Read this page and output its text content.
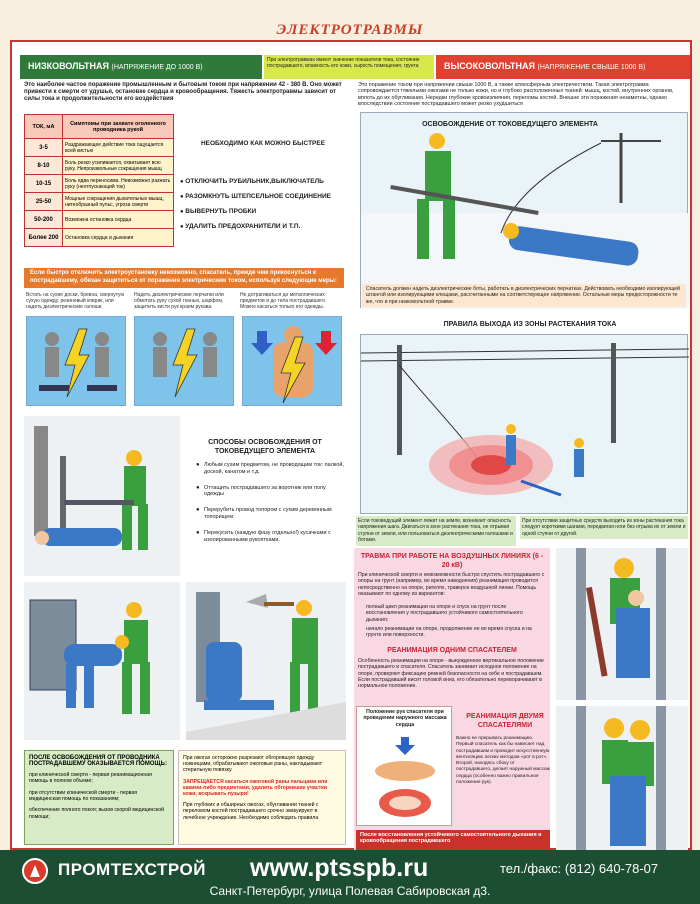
ЭЛЕКТРОТРАВМЫ
НИЗКОВОЛЬТНАЯ (НАПРЯЖЕНИЕ ДО 1000 В)
При электротравмах имеют значение показатели тока, состояние пострадавшего, влажность его кожи, сырость помещения, грунта	ВЫСОКОВОЛЬТНАЯ (НАПРЯЖЕНИЕ СВЫШЕ 1000 В)
Это наиболее частое поражение промышленным и бытовым током при напряжении 42 - 380 В. Оно может привести к смерти от удушья, остановке сердца и кровообращения. Тяжесть электротравмы зависит от силы тока и продолжительности его воздействия
ТОК, мА	Симптомы при захвате оголенного проводника рукой
3-5	Раздражающее действие тока ощущается всей кистью
8-10	Боль резко усиливается, охватывает всю руку. Непроизвольные сокращения мышц
10-15	Боль едва переносима. Невозможно разжать руку (неотпускающий ток)
25-50	Мощные сокращения дыхательных мышц, нитеобразный пульс, угроза смерти
50-200	Возможна остановка сердца
Более 200	Остановка сердца и дыхания
НЕОБХОДИМО КАК МОЖНО БЫСТРЕЕ
● ОТКЛЮЧИТЬ РУБИЛЬНИК,ВЫКЛЮЧАТЕЛЬ
● РАЗОМКНУТЬ ШТЕПСЕЛЬНОЕ СОЕДИНЕНИЕ
● ВЫВЕРНУТЬ ПРОБКИ
● УДАЛИТЬ ПРЕДОХРАНИТЕЛИ И Т.П.
Если быстро отключить электроустановку невозможно, спасатель, прежде чем прикоснуться к пострадавшему, обязан защититься от поражения электрическим током, используя следующие меры:
Встать на сухие доски, бревна, свернутую сухую одежду, резиновый коврик, или надеть диэлектрические галоши.
Надеть диэлектрические перчатки или обмотать руку сухой тканью, шарфом, защитить кисти рук краем рукава.
Не дотрагиваться до металлических предметов и до тела пострадавшего. Можно касаться только его одежды.
СПОСОБЫ ОСВОБОЖДЕНИЯ ОТ ТОКОВЕДУЩЕГО ЭЛЕМЕНТА
● Любым сухим предметом, не проводящим ток: палкой, доской, канатом и т.д.
● Оттащить пострадавшего за воротник или полу одежды
● Перерубить провод топором с сухим деревянным топорищем.
● Перекусить (каждую фазу отдельно!) кусачками с изолированными рукоятками.
ПОСЛЕ ОСВОБОЖДЕНИЯ ОТ ПРОВОДНИКА ПОСТРАДАВШЕМУ ОКАЗЫВАЕТСЯ ПОМОЩЬ:

при клинической смерти - первая реанимационная помощь в полном объеме;

при отсутствии клинической смерти - первая медицинская помощь по показаниям;

обеспечение полного покоя; вызов скорой медицинской помощи;

При ожогах осторожно разрезают обгоревшую одежду ножницами, обрабатывают ожоговые раны, накладывают стерильную повязку.

ЗАПРЕЩАЕТСЯ касаться ожоговой раны пальцами или какими-либо предметами, удалять обгоревшие участки кожи, вскрывать пузыри!

При глубоких и обширных ожогах, обугливании тканей с переломом костей пострадавшего срочно эвакуируют в лечебное учреждение. Необходимо соблюдать правила

Это поражение током при напряжении свыше 1000 В, а также атмосферным электричеством. Такая электротравма сопровождается тяжелыми ожогами не только кожи, но и глубоко расположенных тканей: мышц, костей, внутренних органов, вплоть до их обугливания. Нередки глубокие кровоизлияния, переломы костей. Внешне эти поражения незаметны, однако впоследствии состояние пострадавшего может резко ухудшиться
ОСВОБОЖДЕНИЕ ОТ ТОКОВЕДУЩЕГО ЭЛЕМЕНТА
Спасатель должен надеть диэлектрические боты, работать в диэлектрических перчатках. Действовать необходимо изолирующей штангой или изолирующими клещами, рассчитанными на соответствующее напряжение. Остальные меры предосторожности те же, что и при низковольтной травме.
ПРАВИЛА ВЫХОДА ИЗ ЗОНЫ РАСТЕКАНИЯ ТОКА
Если токоведущий элемент лежит на земле, возникает опасность напряжения шага. Двигаться в зоне растекания тока, не отрывая ступни от земли, или пользоваться диэлектрическими галошами и ботами.
При отсутствии защитных средств выходить из зоны растекания тока следует короткими шагами, передвигая ноги без отрыва их от земли и одной ступни от другой.
ТРАВМА ПРИ РАБОТЕ НА ВОЗДУШНЫХ ЛИНИЯХ (6 - 20 кВ)
При клинической смерти и невозможности быстро спустить пострадавшего с опоры на грунт (например, во время наводнения) реанимация проводится непосредственно на опоре, ригелях, траверсе воздушной линии. Помощь оказывают по одному из вариантов:
полный цикл реанимации на опоре и спуск на грунт после восстановления у пострадавшего устойчивого самостоятельного дыхания;
начало реанимации на опоре, продолжение ее во время спуска и на грунте или поверхности.
РЕАНИМАЦИЯ ОДНИМ СПАСАТЕЛЕМ
Особенность реанимации на опоре - вынужденное вертикальное положение пострадавшего и спасателя. Спасатель занимает исходное положение на опоре, проверяет фиксацию ремней безопасности на себе и пострадавшем. Если пострадавший висит головой вниз, его обязательно переворачивают в нормальное положение.
Положение рук спасателя при проведении наружного массажа сердца
РЕАНИМАЦИЯ ДВУМЯ СПАСАТЕЛЯМИ
Важно не прерывать реанимацию. Первый спасатель как бы нависает над пострадавшим и проводит искусственную вентиляцию легких методом «рот в рот». Второй, находясь сбоку от пострадавшего, делает наружный массаж сердца (особенно важно правильное положение рук).
После восстановления устойчивого самостоятельного дыхания и кровообращения пострадавшего
ПРОМТЕХСТРОЙ www.ptsspb.ru	тел./факс: (812) 640-78-07
Санкт-Петербург, улица Полевая Сабировская д3.
